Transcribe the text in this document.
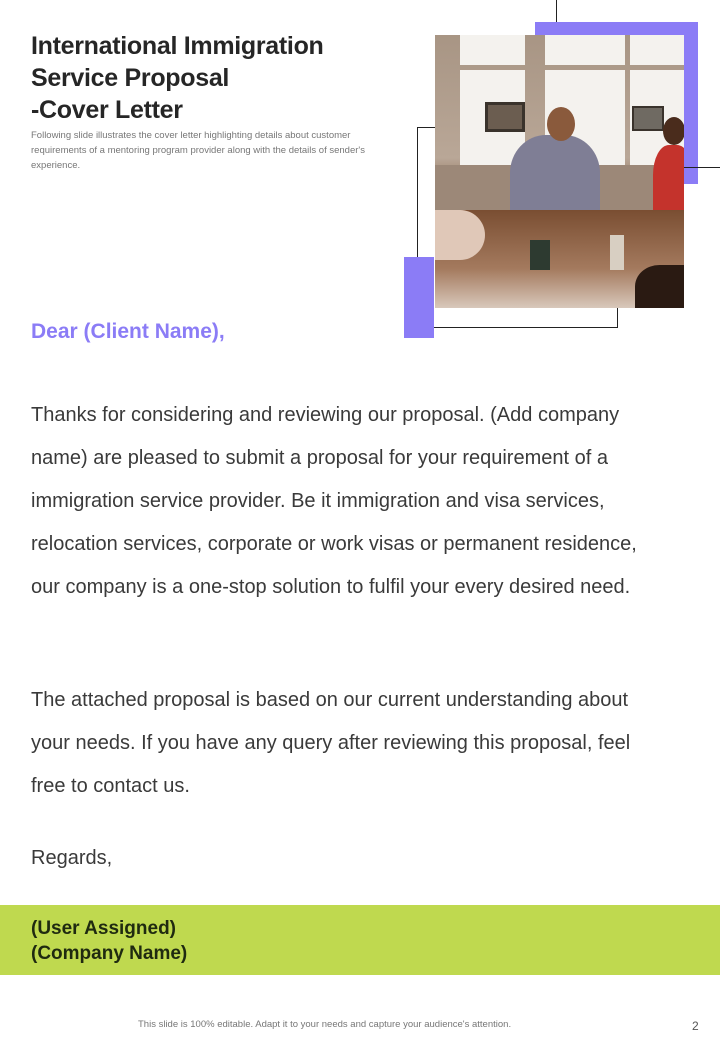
International Immigration
Service Proposal
-Cover Letter
Following slide illustrates the cover letter highlighting details about customer requirements of a mentoring program provider along with the details of sender's experience.
Dear (Client Name),
Thanks for considering and reviewing our proposal. (Add company name) are pleased to submit a proposal for your requirement of a immigration service provider. Be it immigration and visa services, relocation services, corporate or work visas or permanent residence, our company is a one-stop solution to fulfil your every desired need.
The attached proposal is based on our current understanding about your needs. If you have any query after reviewing this proposal, feel free to contact us.
Regards,
(User Assigned)
(Company Name)
This slide is 100% editable. Adapt it to your needs and capture your audience's attention.	2
